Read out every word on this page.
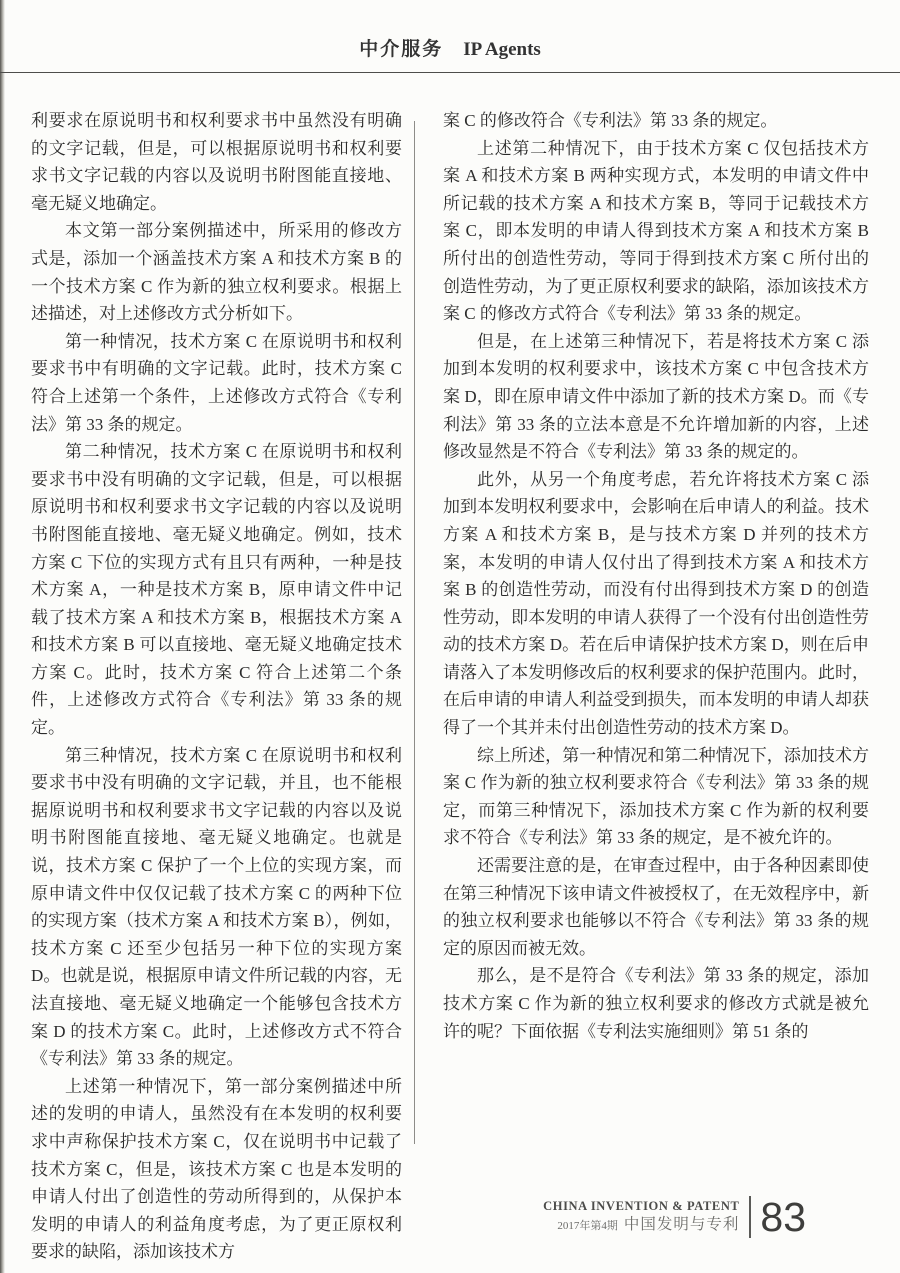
中介服务 IP Agents

利要求在原说明书和权利要求书中虽然没有明确的文字记载，但是，可以根据原说明书和权利要求书文字记载的内容以及说明书附图能直接地、毫无疑义地确定。

本文第一部分案例描述中，所采用的修改方式是，添加一个涵盖技术方案 A 和技术方案 B 的一个技术方案 C 作为新的独立权利要求。根据上述描述，对上述修改方式分析如下。

第一种情况，技术方案 C 在原说明书和权利要求书中有明确的文字记载。此时，技术方案 C 符合上述第一个条件，上述修改方式符合《专利法》第 33 条的规定。

第二种情况，技术方案 C 在原说明书和权利要求书中没有明确的文字记载，但是，可以根据原说明书和权利要求书文字记载的内容以及说明书附图能直接地、毫无疑义地确定。例如，技术方案 C 下位的实现方式有且只有两种，一种是技术方案 A，一种是技术方案 B，原申请文件中记载了技术方案 A 和技术方案 B，根据技术方案 A 和技术方案 B 可以直接地、毫无疑义地确定技术方案 C。此时，技术方案 C 符合上述第二个条件，上述修改方式符合《专利法》第 33 条的规定。

第三种情况，技术方案 C 在原说明书和权利要求书中没有明确的文字记载，并且，也不能根据原说明书和权利要求书文字记载的内容以及说明书附图能直接地、毫无疑义地确定。也就是说，技术方案 C 保护了一个上位的实现方案，而原申请文件中仅仅记载了技术方案 C 的两种下位的实现方案（技术方案 A 和技术方案 B），例如，技术方案 C 还至少包括另一种下位的实现方案 D。也就是说，根据原申请文件所记载的内容，无法直接地、毫无疑义地确定一个能够包含技术方案 D 的技术方案 C。此时，上述修改方式不符合《专利法》第 33 条的规定。

上述第一种情况下，第一部分案例描述中所述的发明的申请人，虽然没有在本发明的权利要求中声称保护技术方案 C，仅在说明书中记载了技术方案 C，但是，该技术方案 C 也是本发明的申请人付出了创造性的劳动所得到的，从保护本发明的申请人的利益角度考虑，为了更正原权利要求的缺陷，添加该技术方

案 C 的修改符合《专利法》第 33 条的规定。

上述第二种情况下，由于技术方案 C 仅包括技术方案 A 和技术方案 B 两种实现方式，本发明的申请文件中所记载的技术方案 A 和技术方案 B，等同于记载技术方案 C，即本发明的申请人得到技术方案 A 和技术方案 B 所付出的创造性劳动，等同于得到技术方案 C 所付出的创造性劳动，为了更正原权利要求的缺陷，添加该技术方案 C 的修改方式符合《专利法》第 33 条的规定。

但是，在上述第三种情况下，若是将技术方案 C 添加到本发明的权利要求中，该技术方案 C 中包含技术方案 D，即在原申请文件中添加了新的技术方案 D。而《专利法》第 33 条的立法本意是不允许增加新的内容，上述修改显然是不符合《专利法》第 33 条的规定的。

此外，从另一个角度考虑，若允许将技术方案 C 添加到本发明权利要求中，会影响在后申请人的利益。技术方案 A 和技术方案 B，是与技术方案 D 并列的技术方案，本发明的申请人仅付出了得到技术方案 A 和技术方案 B 的创造性劳动，而没有付出得到技术方案 D 的创造性劳动，即本发明的申请人获得了一个没有付出创造性劳动的技术方案 D。若在后申请保护技术方案 D，则在后申请落入了本发明修改后的权利要求的保护范围内。此时，在后申请的申请人利益受到损失，而本发明的申请人却获得了一个其并未付出创造性劳动的技术方案 D。

综上所述，第一种情况和第二种情况下，添加技术方案 C 作为新的独立权利要求符合《专利法》第 33 条的规定，而第三种情况下，添加技术方案 C 作为新的权利要求不符合《专利法》第 33 条的规定，是不被允许的。

还需要注意的是，在审查过程中，由于各种因素即使在第三种情况下该申请文件被授权了，在无效程序中，新的独立权利要求也能够以不符合《专利法》第 33 条的规定的原因而被无效。

那么，是不是符合《专利法》第 33 条的规定，添加技术方案 C 作为新的独立权利要求的修改方式就是被允许的呢？下面依据《专利法实施细则》第 51 条的

CHINA INVENTION & PATENT
2017年第4期 中国发明与专利 83
